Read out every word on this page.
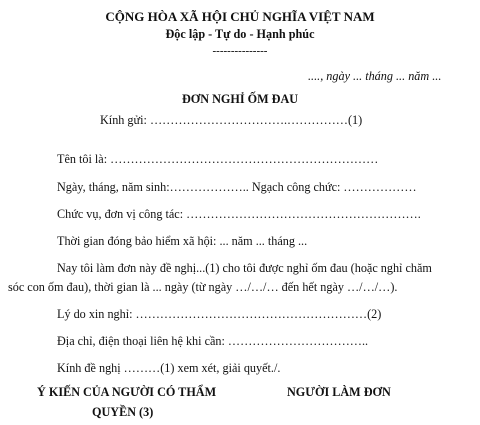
CỘNG HÒA XÃ HỘI CHỦ NGHĨA VIỆT NAM
Độc lập - Tự do - Hạnh phúc
---------------
...., ngày ... tháng ... năm ...
ĐƠN NGHỈ ỐM ĐAU
Kính gửi: …………………………….……………(1)
Tên tôi là: …………………………………………………………
Ngày, tháng, năm sinh:……………….. Ngạch công chức: ………………
Chức vụ, đơn vị công tác: ………………………………………………….
Thời gian đóng bảo hiểm xã hội: ... năm ... tháng ...
Nay tôi làm đơn này đề nghị...(1) cho tôi được nghỉ ốm đau (hoặc nghỉ chăm
sóc con ốm đau), thời gian là ... ngày (từ ngày …/…/… đến hết ngày …/…/…).
Lý do xin nghỉ: …………………………………………………(2)
Địa chỉ, điện thoại liên hệ khi cần: ……………………………..
Kính đề nghị ………(1) xem xét, giải quyết./.
Ý KIẾN CỦA NGƯỜI CÓ THẨM
QUYỀN (3)
NGƯỜI LÀM ĐƠN
